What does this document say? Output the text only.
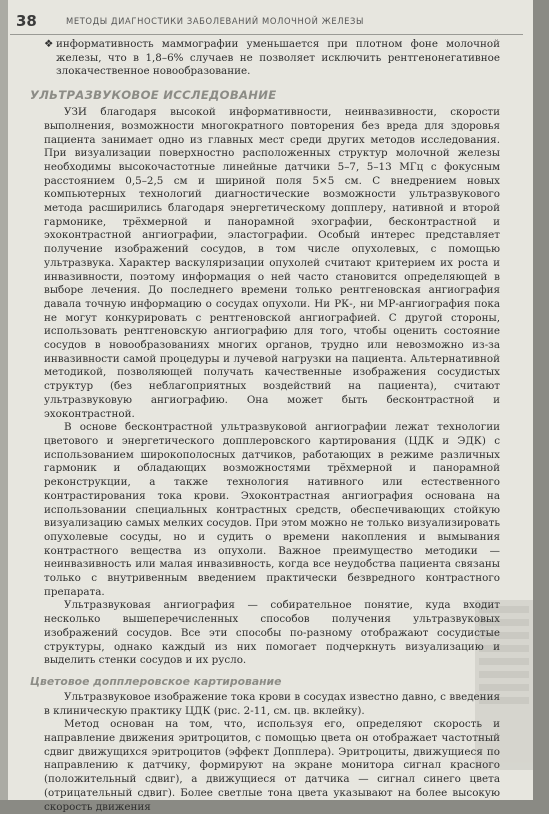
38	МЕТОДЫ ДИАГНОСТИКИ ЗАБОЛЕВАНИЙ МОЛОЧНОЙ ЖЕЛЕЗЫ

❖ информативность маммографии уменьшается при плотном фоне молочной железы, что в 1,8–6% случаев не позволяет исключить рентгенонегативное злокачественное новообразование.

УЛЬТРАЗВУКОВОЕ ИССЛЕДОВАНИЕ

УЗИ благодаря высокой информативности, неинвазивности, скорости выполнения, возможности многократного повторения без вреда для здоровья пациента занимает одно из главных мест среди других методов исследования. При визуализации поверхностно расположенных структур молочной железы необходимы высокочастотные линейные датчики 5–7, 5–13 МГц с фокусным расстоянием 0,5–2,5 см и шириной поля 5×5 см. С внедрением новых компьютерных технологий диагностические возможности ультразвукового метода расширились благодаря энергетическому допплеру, нативной и второй гармонике, трёхмерной и панорамной эхографии, бесконтрастной и эхоконтрастной ангиографии, эластографии. Особый интерес представляет получение изображений сосудов, в том числе опухолевых, с помощью ультразвука. Характер васкуляризации опухолей считают критерием их роста и инвазивности, поэтому информация о ней часто становится определяющей в выборе лечения. До последнего времени только рентгеновская ангиография давала точную информацию о сосудах опухоли. Ни РК-, ни МР-ангиография пока не могут конкурировать с рентгеновской ангиографией. С другой стороны, использовать рентгеновскую ангиографию для того, чтобы оценить состояние сосудов в новообразованиях многих органов, трудно или невозможно из-за инвазивности самой процедуры и лучевой нагрузки на пациента. Альтернативной методикой, позволяющей получать качественные изображения сосудистых структур (без неблагоприятных воздействий на пациента), считают ультразвуковую ангиографию. Она может быть бесконтрастной и эхоконтрастной.

В основе бесконтрастной ультразвуковой ангиографии лежат технологии цветового и энергетического допплеровского картирования (ЦДК и ЭДК) с использованием широкополосных датчиков, работающих в режиме различных гармоник и обладающих возможностями трёхмерной и панорамной реконструкции, а также технология нативного или естественного контрастирования тока крови. Эхоконтрастная ангиография основана на использовании специальных контрастных средств, обеспечивающих стойкую визуализацию самых мелких сосудов. При этом можно не только визуализировать опухолевые сосуды, но и судить о времени накопления и вымывания контрастного вещества из опухоли. Важное преимущество методики — неинвазивность или малая инвазивность, когда все неудобства пациента связаны только с внутривенным введением практически безвредного контрастного препарата.

Ультразвуковая ангиография — собирательное понятие, куда входит несколько вышеперечисленных способов получения ультразвуковых изображений сосудов. Все эти способы по-разному отображают сосудистые структуры, однако каждый из них помогает подчеркнуть визуализацию и выделить стенки сосудов и их русло.

Цветовое допплеровское картирование

Ультразвуковое изображение тока крови в сосудах известно давно, с введения в клиническую практику ЦДК (рис. 2-11, см. цв. вклейку).

Метод основан на том, что, используя его, определяют скорость и направление движения эритроцитов, с помощью цвета он отображает частотный сдвиг движущихся эритроцитов (эффект Допплера). Эритроциты, движущиеся по направлению к датчику, формируют на экране монитора сигнал красного (положительный сдвиг), а движущиеся от датчика — сигнал синего цвета (отрицательный сдвиг). Более светлые тона цвета указывают на более высокую скорость движения
